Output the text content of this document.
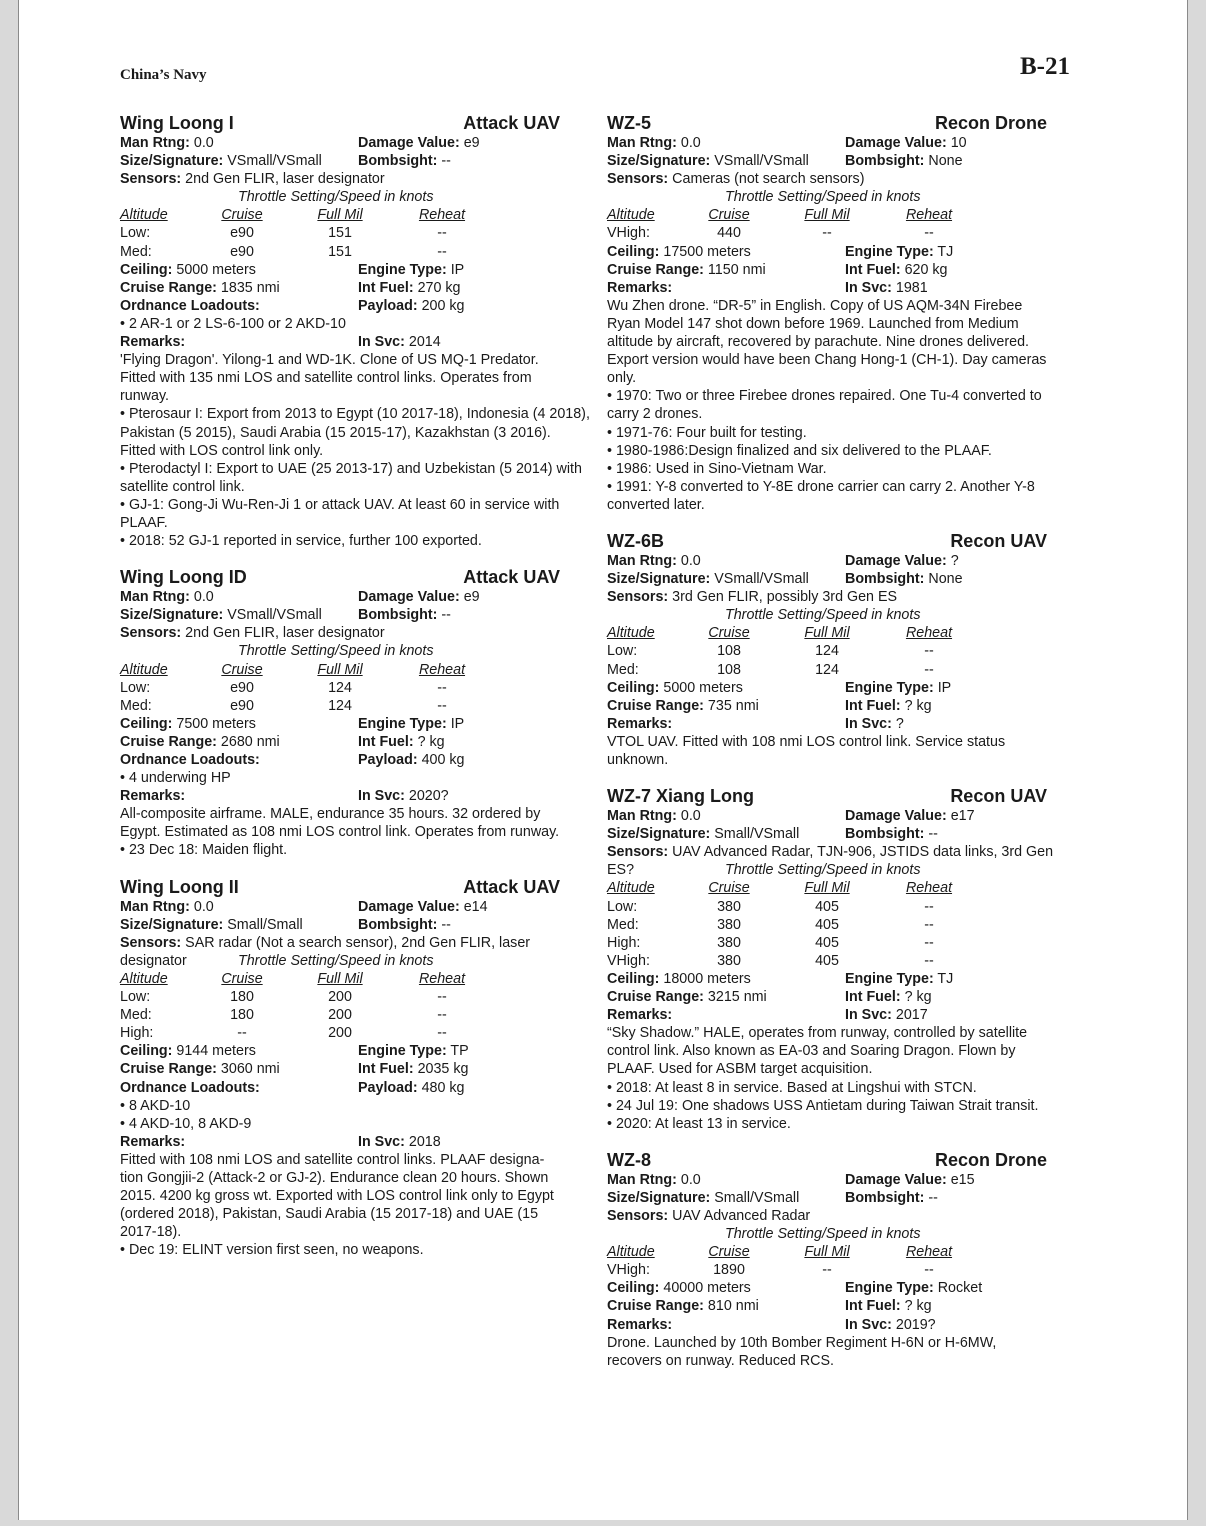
China’s Navy	B-21
Wing Loong I	Attack UAV
Man Rtng: 0.0	Damage Value: e9
Size/Signature: VSmall/VSmall	Bombsight: --
Sensors: 2nd Gen FLIR, laser designator
Throttle Setting/Speed in knots
Altitude	Cruise	Full Mil	Reheat
Low:	e90	151	--
Med:	e90	151	--
Ceiling: 5000 meters	Engine Type: IP
Cruise Range: 1835 nmi	Int Fuel: 270 kg
Ordnance Loadouts:	Payload: 200 kg
• 2 AR-1 or 2 LS-6-100 or 2 AKD-10
Remarks:	In Svc: 2014
'Flying Dragon'. Yilong-1 and WD-1K. Clone of US MQ-1 Predator.
Fitted with 135 nmi LOS and satellite control links. Operates from
runway.
• Pterosaur I: Export from 2013 to Egypt (10 2017-18), Indonesia (4 2018), Pakistan (5 2015), Saudi Arabia (15 2015-17), Kazakhstan (3 2016). Fitted with LOS control link only.
• Pterodactyl I: Export to UAE (25 2013-17) and Uzbekistan (5 2014) with satellite control link.
• GJ-1: Gong-Ji Wu-Ren-Ji 1 or attack UAV. At least 60 in service with PLAAF.
• 2018: 52 GJ-1 reported in service, further 100 exported.
Wing Loong ID	Attack UAV
Man Rtng: 0.0	Damage Value: e9
Size/Signature: VSmall/VSmall	Bombsight: --
Sensors: 2nd Gen FLIR, laser designator
Throttle Setting/Speed in knots
Altitude	Cruise	Full Mil	Reheat
Low:	e90	124	--
Med:	e90	124	--
Ceiling: 7500 meters	Engine Type: IP
Cruise Range: 2680 nmi	Int Fuel: ? kg
Ordnance Loadouts:	Payload: 400 kg
• 4 underwing HP
Remarks:	In Svc: 2020?
All-composite airframe. MALE, endurance 35 hours. 32 ordered by
Egypt. Estimated as 108 nmi LOS control link. Operates from runway.
• 23 Dec 18: Maiden flight.
Wing Loong II	Attack UAV
Man Rtng: 0.0	Damage Value: e14
Size/Signature: Small/Small	Bombsight: --
Sensors: SAR radar (Not a search sensor), 2nd Gen FLIR, laser designator	Throttle Setting/Speed in knots
Altitude	Cruise	Full Mil	Reheat
Low:	180	200	--
Med:	180	200	--
High:	--	200	--
Ceiling: 9144 meters	Engine Type: TP
Cruise Range: 3060 nmi	Int Fuel: 2035 kg
Ordnance Loadouts:	Payload: 480 kg
• 8 AKD-10
• 4 AKD-10, 8 AKD-9
Remarks:	In Svc: 2018
Fitted with 108 nmi LOS and satellite control links. PLAAF designa-
tion Gongjii-2 (Attack-2 or GJ-2). Endurance clean 20 hours. Shown
2015. 4200 kg gross wt. Exported with LOS control link only to Egypt
(ordered 2018), Pakistan, Saudi Arabia (15 2017-18) and UAE (15
2017-18).
• Dec 19: ELINT version first seen, no weapons.
WZ-5	Recon Drone
Man Rtng: 0.0	Damage Value: 10
Size/Signature: VSmall/VSmall	Bombsight: None
Sensors: Cameras (not search sensors)
Throttle Setting/Speed in knots
Altitude	Cruise	Full Mil	Reheat
VHigh:	440	--	--
Ceiling: 17500 meters	Engine Type: TJ
Cruise Range: 1150 nmi	Int Fuel: 620 kg
Remarks:	In Svc: 1981
Wu Zhen drone. “DR-5” in English. Copy of US AQM-34N Firebee
Ryan Model 147 shot down before 1969. Launched from Medium
altitude by aircraft, recovered by parachute. Nine drones delivered.
Export version would have been Chang Hong-1 (CH-1). Day cameras
only.
• 1970: Two or three Firebee drones repaired. One Tu-4 converted to carry 2 drones.
• 1971-76: Four built for testing.
• 1980-1986:Design finalized and six delivered to the PLAAF.
• 1986: Used in Sino-Vietnam War.
• 1991: Y-8 converted to Y-8E drone carrier can carry 2. Another Y-8 converted later.
WZ-6B	Recon UAV
Man Rtng: 0.0	Damage Value: ?
Size/Signature: VSmall/VSmall	Bombsight: None
Sensors: 3rd Gen FLIR, possibly 3rd Gen ES
Throttle Setting/Speed in knots
Altitude	Cruise	Full Mil	Reheat
Low:	108	124	--
Med:	108	124	--
Ceiling: 5000 meters	Engine Type: IP
Cruise Range: 735 nmi	Int Fuel: ? kg
Remarks:	In Svc: ?
VTOL UAV. Fitted with 108 nmi LOS control link. Service status
unknown.
WZ-7 Xiang Long	Recon UAV
Man Rtng: 0.0	Damage Value: e17
Size/Signature: Small/VSmall	Bombsight: --
Sensors: UAV Advanced Radar, TJN-906, JSTIDS data links, 3rd Gen ES?	Throttle Setting/Speed in knots
Altitude	Cruise	Full Mil	Reheat
Low:	380	405	--
Med:	380	405	--
High:	380	405	--
VHigh:	380	405	--
Ceiling: 18000 meters	Engine Type: TJ
Cruise Range: 3215 nmi	Int Fuel: ? kg
Remarks:	In Svc: 2017
“Sky Shadow.” HALE, operates from runway, controlled by satellite
control link. Also known as EA-03 and Soaring Dragon. Flown by
PLAAF. Used for ASBM target acquisition.
• 2018: At least 8 in service. Based at Lingshui with STCN.
• 24 Jul 19: One shadows USS Antietam during Taiwan Strait transit.
• 2020: At least 13 in service.
WZ-8	Recon Drone
Man Rtng: 0.0	Damage Value: e15
Size/Signature: Small/VSmall	Bombsight: --
Sensors: UAV Advanced Radar
Throttle Setting/Speed in knots
Altitude	Cruise	Full Mil	Reheat
VHigh:	1890	--	--
Ceiling: 40000 meters	Engine Type: Rocket
Cruise Range: 810 nmi	Int Fuel: ? kg
Remarks:	In Svc: 2019?
Drone. Launched by 10th Bomber Regiment H-6N or H-6MW,
recovers on runway. Reduced RCS.
